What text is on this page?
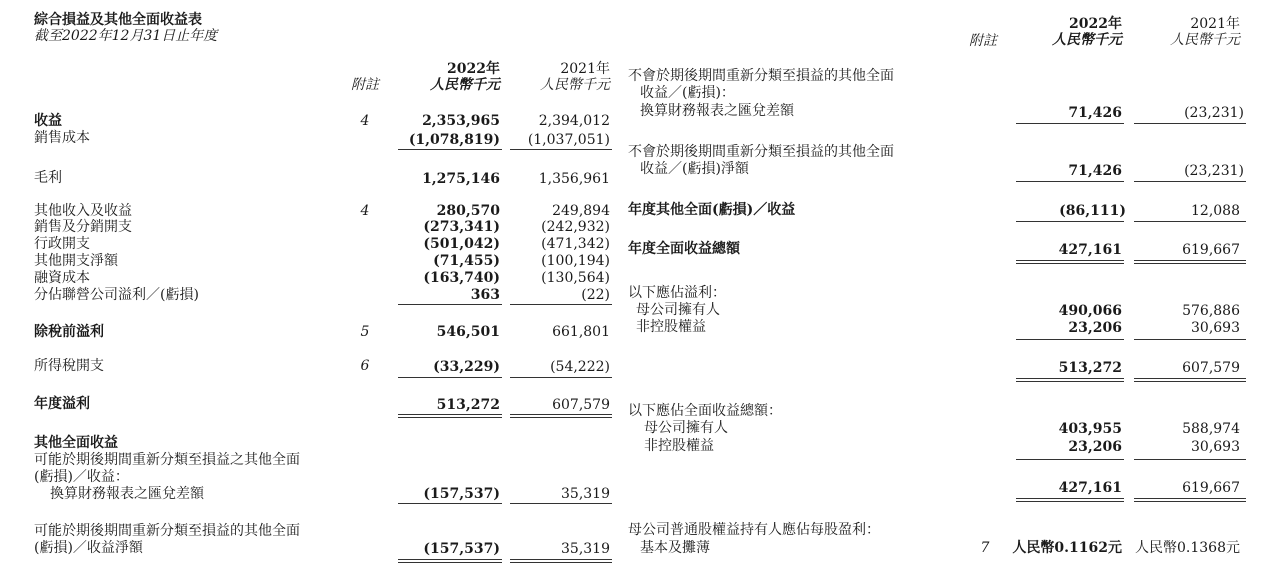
綜合損益及其他全面收益表
截至2022年12月31日止年度
附註
2022年
人民幣千元
2021年
人民幣千元
附註
2022年
人民幣千元
2021年
人民幣千元
收益	4	2,353,965	2,394,012
銷售成本	(1,078,819)	(1,037,051)
毛利	1,275,146	1,356,961
其他收入及收益	4	280,570	249,894
銷售及分銷開支	(273,341)	(242,932)
行政開支	(501,042)	(471,342)
其他開支淨額	(71,455)	(100,194)
融資成本	(163,740)	(130,564)
分佔聯營公司溢利／(虧損)	363	(22)
除稅前溢利	5	546,501	661,801
所得稅開支	6	(33,229)	(54,222)
年度溢利	513,272	607,579
其他全面收益
可能於期後期間重新分類至損益之其他全面
(虧損)／收益：
換算財務報表之匯兌差額	(157,537)	35,319
可能於期後期間重新分類至損益的其他全面
(虧損)／收益淨額	(157,537)	35,319
不會於期後期間重新分類至損益的其他全面
收益／(虧損)：
換算財務報表之匯兌差額	71,426	(23,231)
不會於期後期間重新分類至損益的其他全面
收益／(虧損)淨額	71,426	(23,231)
年度其他全面(虧損)／收益	(86,111)	12,088
年度全面收益總額	427,161	619,667
以下應佔溢利：
母公司擁有人	490,066	576,886
非控股權益	23,206	30,693
513,272	607,579
以下應佔全面收益總額：
母公司擁有人	403,955	588,974
非控股權益	23,206	30,693
427,161	619,667
母公司普通股權益持有人應佔每股盈利：
基本及攤薄	7	人民幣0.1162元 人民幣0.1368元
